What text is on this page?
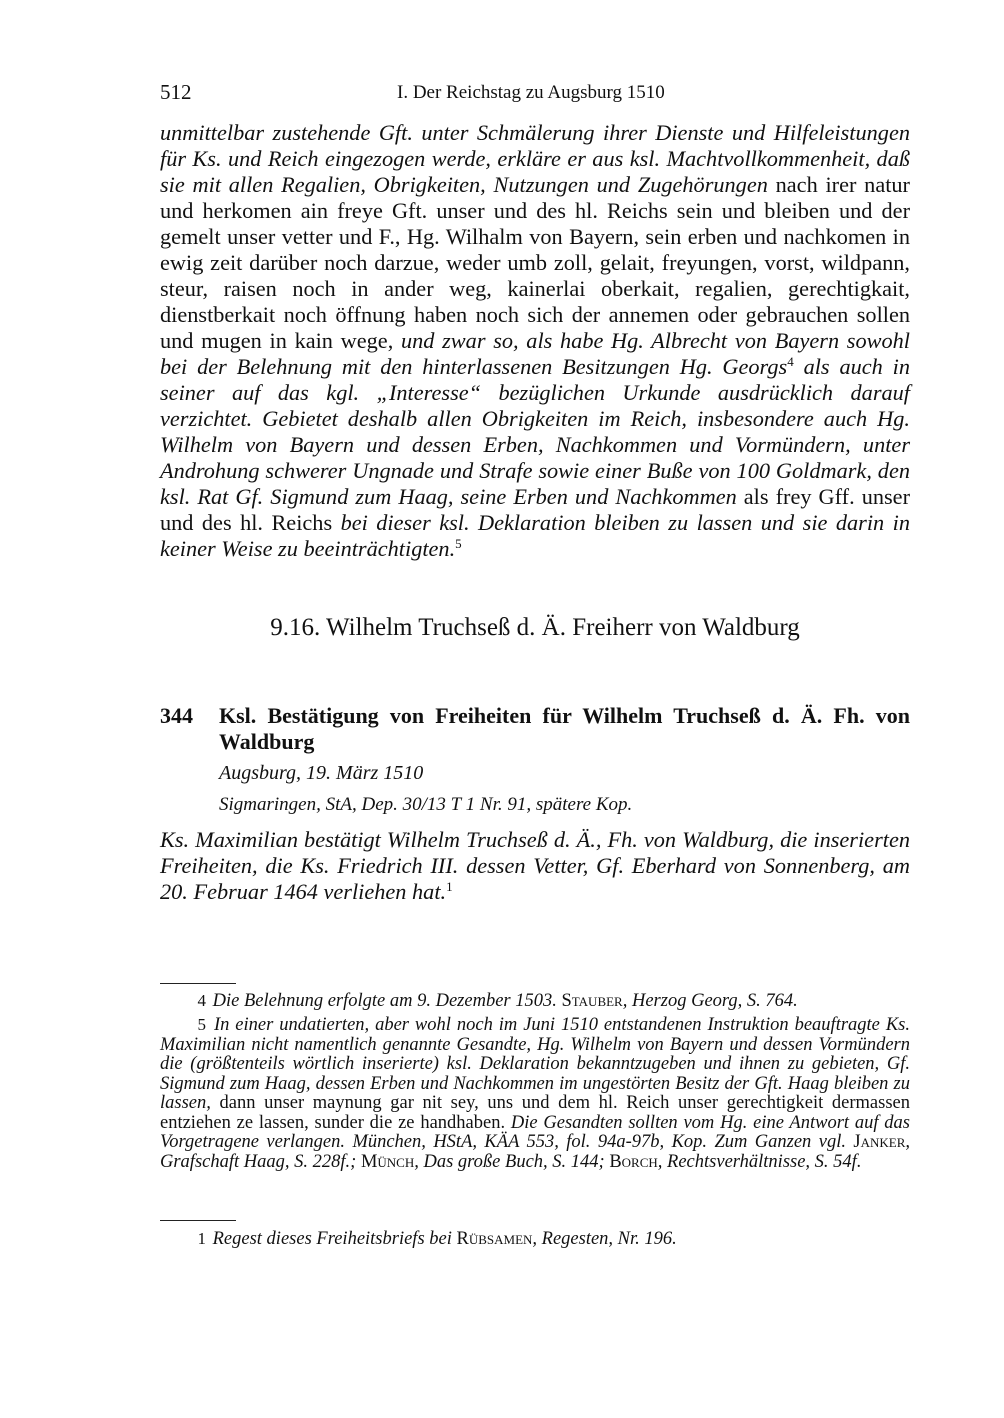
512	I. Der Reichstag zu Augsburg 1510

unmittelbar zustehende Gft. unter Schmälerung ihrer Dienste und Hilfeleistungen für Ks. und Reich eingezogen werde, erkläre er aus ksl. Machtvollkommenheit, daß sie mit allen Regalien, Obrigkeiten, Nutzungen und Zugehörungen nach irer natur und herkomen ain freye Gft. unser und des hl. Reichs sein und bleiben und der gemelt unser vetter und F., Hg. Wilhalm von Bayern, sein erben und nachkomen in ewig zeit darüber noch darzue, weder umb zoll, gelait, freyungen, vorst, wildpann, steur, raisen noch in ander weg, kainerlai oberkait, regalien, gerechtigkait, dienstberkait noch öffnung haben noch sich der annemen oder gebrauchen sollen und mugen in kain wege, und zwar so, als habe Hg. Albrecht von Bayern sowohl bei der Belehnung mit den hinterlassenen Besitzungen Hg. Georgs$^4$ als auch in seiner auf das kgl. „Interesse“ bezüglichen Urkunde ausdrücklich darauf verzichtet. Gebietet deshalb allen Obrigkeiten im Reich, insbesondere auch Hg. Wilhelm von Bayern und dessen Erben, Nachkommen und Vormündern, unter Androhung schwerer Ungnade und Strafe sowie einer Buße von 100 Goldmark, den ksl. Rat Gf. Sigmund zum Haag, seine Erben und Nachkommen als frey Gff. unser und des hl. Reichs bei dieser ksl. Deklaration bleiben zu lassen und sie darin in keiner Weise zu beeinträchtigten.$^5$

9.16. Wilhelm Truchseß d. Ä. Freiherr von Waldburg
344 Ksl. Bestätigung von Freiheiten für Wilhelm Truchseß d. Ä. Fh. von Waldburg
Augsburg, 19. März 1510
Sigmaringen, StA, Dep. 30/13 T 1 Nr. 91, spätere Kop.

Ks. Maximilian bestätigt Wilhelm Truchseß d. Ä., Fh. von Waldburg, die inserierten Freiheiten, die Ks. Friedrich III. dessen Vetter, Gf. Eberhard von Sonnenberg, am 20. Februar 1464 verliehen hat.$^1$

4 Die Belehnung erfolgte am 9. Dezember 1503. Stauber, Herzog Georg, S. 764.

5 In einer undatierten, aber wohl noch im Juni 1510 entstandenen Instruktion beauftragte Ks. Maximilian nicht namentlich genannte Gesandte, Hg. Wilhelm von Bayern und dessen Vormündern die (größtenteils wörtlich inserierte) ksl. Deklaration bekanntzugeben und ihnen zu gebieten, Gf. Sigmund zum Haag, dessen Erben und Nachkommen im ungestörten Besitz der Gft. Haag bleiben zu lassen, dann unser maynung gar nit sey, uns und dem hl. Reich unser gerechtigkeit dermassen entziehen ze lassen, sunder die ze handhaben. Die Gesandten sollten vom Hg. eine Antwort auf das Vorgetragene verlangen. München, HStA, KÄA 553, fol. 94a-97b, Kop. Zum Ganzen vgl. Janker, Grafschaft Haag, S. 228f.; Münch, Das große Buch, S. 144; Borch, Rechtsverhältnisse, S. 54f.

1 Regest dieses Freiheitsbriefs bei Rübsamen, Regesten, Nr. 196.
